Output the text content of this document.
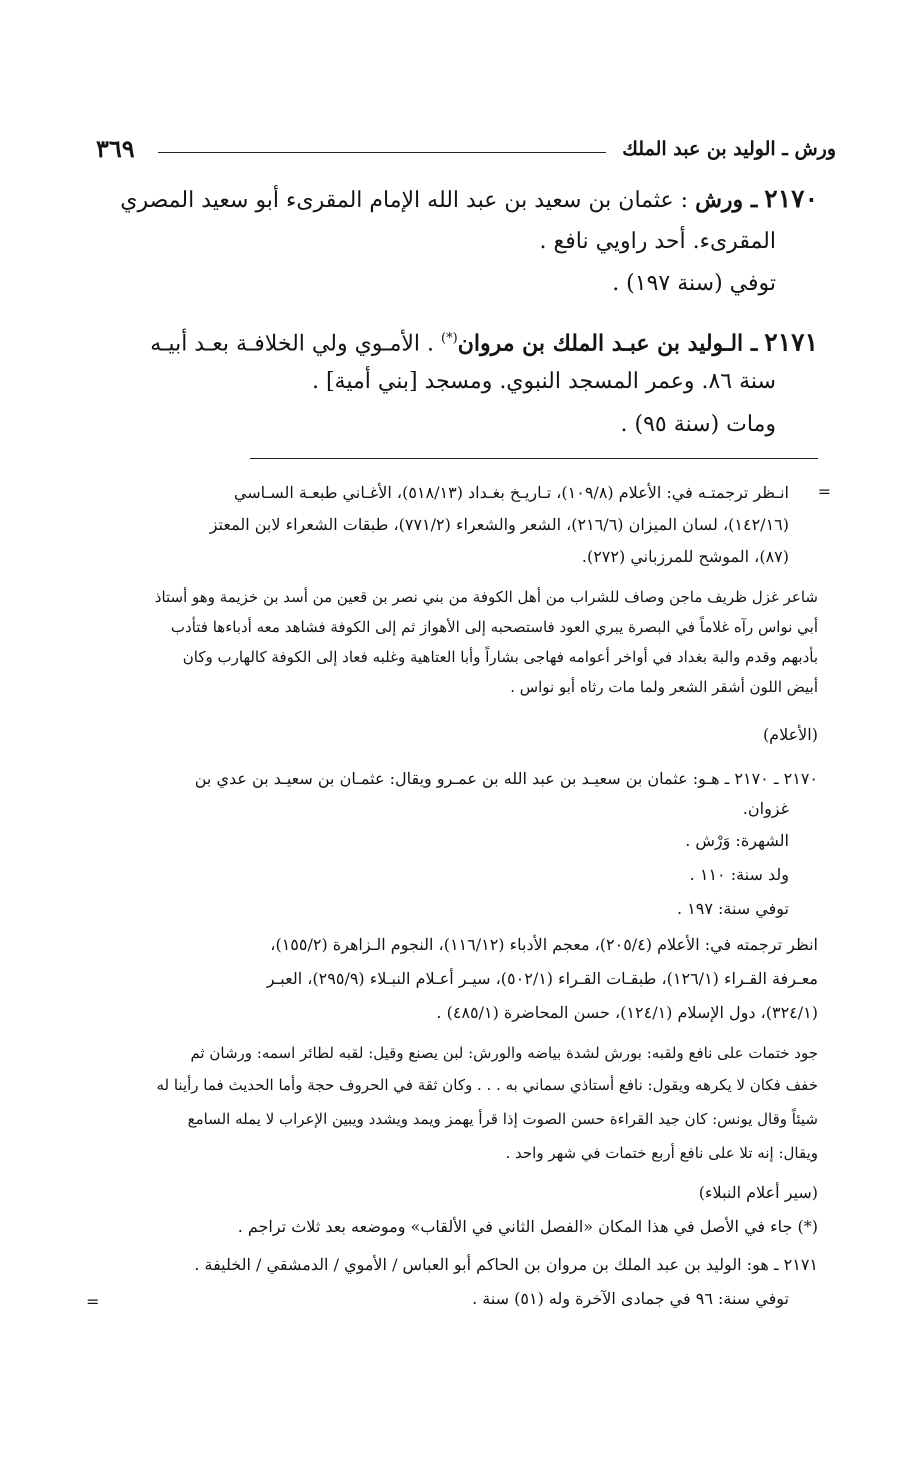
ورش ـ الوليد بن عبد الملك
٣٦٩
٢١٧٠ ـ ورش : عثمان بن سعيد بن عبد الله الإمام المقرىء أبو سعيد المصري
المقرىء. أحد راويي نافع .
توفي (سنة ١٩٧) .
٢١٧١ ـ الـوليد بن عبـد الملك بن مروان(*) . الأمـوي ولي الخلافـة بعـد أبيـه
سنة ٨٦. وعمر المسجد النبوي. ومسجد [بني أمية] .
ومات (سنة ٩٥) .
=
انـظر ترجمتـه في: الأعلام (١٠٩/٨)، تـاريـخ بغـداد (٥١٨/١٣)، الأغـاني طبعـة السـاسي
(١٤٢/١٦)، لسان الميزان (٢١٦/٦)، الشعر والشعراء (٧٧١/٢)، طبقات الشعراء لابن المعتز
(٨٧)، الموشح للمرزباني (٢٧٢).
شاعر غزل ظريف ماجن وصاف للشراب من أهل الكوفة من بني نصر بن قعين من أسد بن خزيمة وهو أستاذ
أبي نواس رآه غلاماً في البصرة يبري العود فاستصحبه إلى الأهواز ثم إلى الكوفة فشاهد معه أدباءها فتأدب
بأدبهم وقدم والبة بغداد في أواخر أعوامه فهاجى بشاراً وأبا العتاهية وغلبه فعاد إلى الكوفة كالهارب وكان
أبيض اللون أشقر الشعر ولما مات رثاه أبو نواس .
(الأعلام)
٢١٧٠ ـ ٢١٧٠ ـ هـو: عثمان بن سعيـد بن عبد الله بن عمـرو ويقال: عثمـان بن سعيـد بن عدي بن
غزوان.
الشهرة: وَرْش .
ولد سنة: ١١٠ .
توفي سنة: ١٩٧ .
انظر ترجمته في: الأعلام (٢٠٥/٤)، معجم الأدباء (١١٦/١٢)، النجوم الـزاهرة (١٥٥/٢)،
معـرفة القـراء (١٢٦/١)، طبقـات القـراء (٥٠٢/١)، سيـر أعـلام النبـلاء (٢٩٥/٩)، العبـر
(٣٢٤/١)، دول الإسلام (١٢٤/١)، حسن المحاضرة (٤٨٥/١) .
جود ختمات على نافع ولقبه: بورش لشدة بياضه والورش: لبن يصنع وقيل: لقبه لطائر اسمه: ورشان ثم
خفف فكان لا يكرهه ويقول: نافع أستاذي سماني به . . . وكان ثقة في الحروف حجة وأما الحديث فما رأينا له
شيئاً وقال يونس: كان جيد القراءة حسن الصوت إذا قرأ يهمز ويمد ويشدد ويبين الإعراب لا يمله السامع
ويقال: إنه تلا على نافع أربع ختمات في شهر واحد .
(سير أعلام النبلاء)
(*) جاء في الأصل في هذا المكان «الفصل الثاني في الألقاب» وموضعه بعد ثلاث تراجم .
٢١٧١ ـ هو: الوليد بن عبد الملك بن مروان بن الحاكم أبو العباس / الأموي / الدمشقي / الخليفة .
توفي سنة: ٩٦ في جمادى الآخرة وله (٥١) سنة .
=
